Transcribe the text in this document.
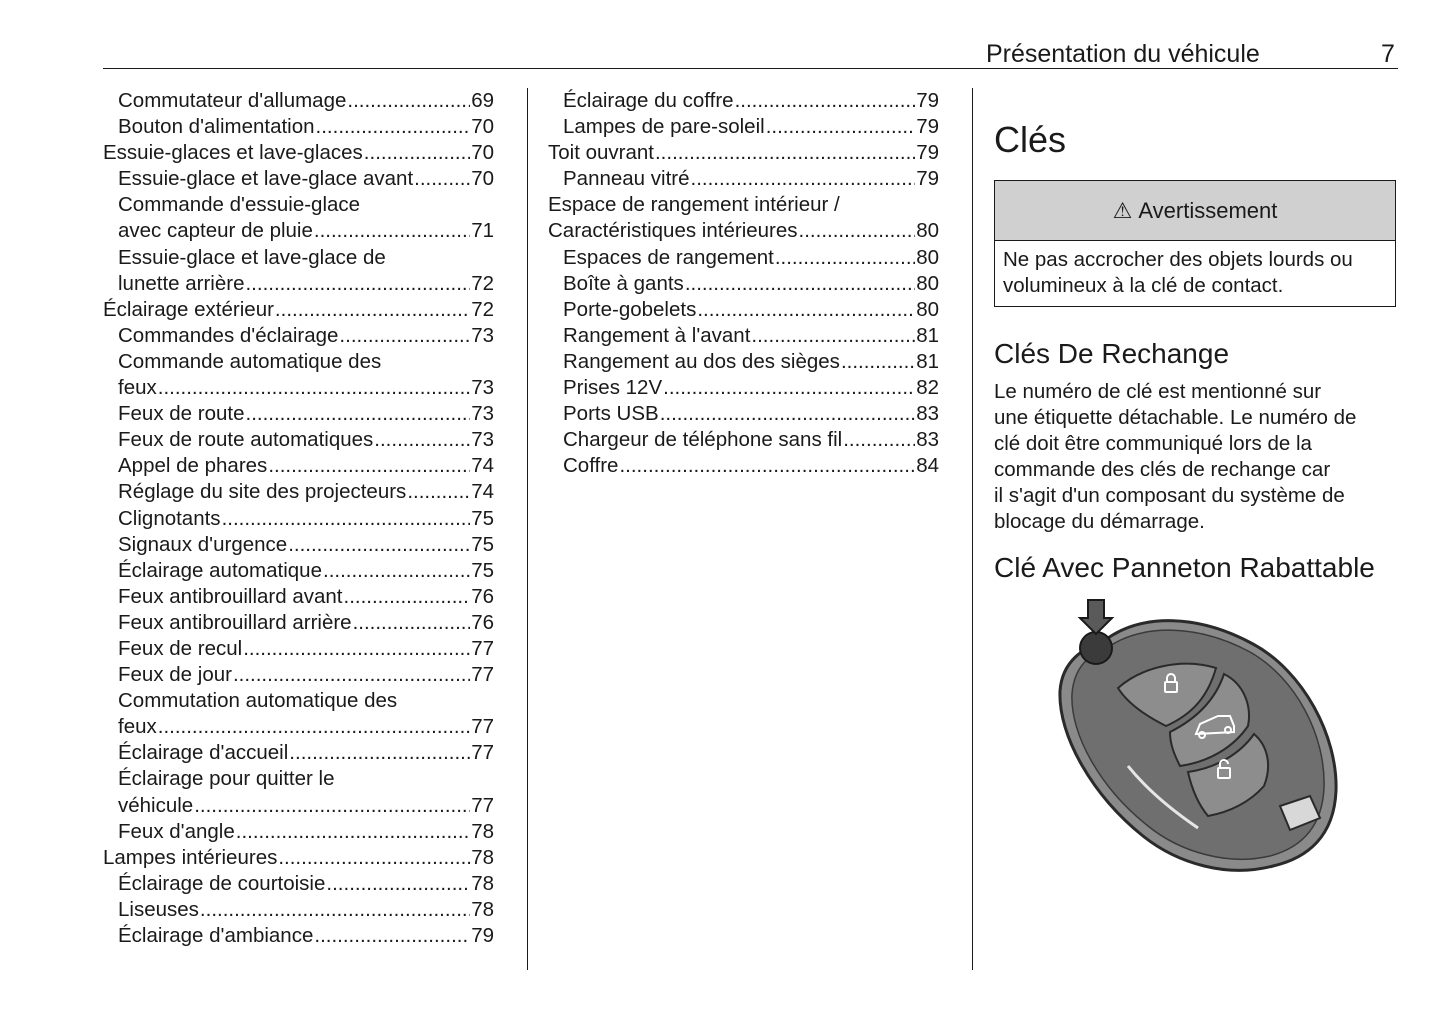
Présentation du véhicule	7
Commutateur d'allumage .....	69
Bouton d'alimentation .....	70
Essuie-glaces et lave-glaces .....	70
Essuie-glace et lave-glace avant .....	70
Commande d'essuie-glace
avec capteur de pluie .....	71
Essuie-glace et lave-glace de
lunette arrière .....	72
Éclairage extérieur .....	72
Commandes d'éclairage .....	73
Commande automatique des
feux .....	73
Feux de route .....	73
Feux de route automatiques .....	73
Appel de phares .....	74
Réglage du site des projecteurs .....	74
Clignotants .....	75
Signaux d'urgence .....	75
Éclairage automatique .....	75
Feux antibrouillard avant .....	76
Feux antibrouillard arrière .....	76
Feux de recul .....	77
Feux de jour .....	77
Commutation automatique des
feux .....	77
Éclairage d'accueil .....	77
Éclairage pour quitter le
véhicule .....	77
Feux d'angle .....	78
Lampes intérieures .....	78
Éclairage de courtoisie .....	78
Liseuses .....	78
Éclairage d'ambiance .....	79
Éclairage du coffre .....	79
Lampes de pare-soleil .....	79
Toit ouvrant .....	79
Panneau vitré .....	79
Espace de rangement intérieur /
Caractéristiques intérieures .....	80
Espaces de rangement .....	80
Boîte à gants .....	80
Porte-gobelets .....	80
Rangement à l'avant .....	81
Rangement au dos des sièges .....	81
Prises 12V .....	82
Ports USB .....	83
Chargeur de téléphone sans fil .....	83
Coffre .....	84
Clés
⚠ Avertissement
Ne pas accrocher des objets lourds ou
volumineux à la clé de contact.
Clés De Rechange
Le numéro de clé est mentionné sur
une étiquette détachable. Le numéro de
clé doit être communiqué lors de la
commande des clés de rechange car
il s'agit d'un composant du système de
blocage du démarrage.
Clé Avec Panneton Rabattable
